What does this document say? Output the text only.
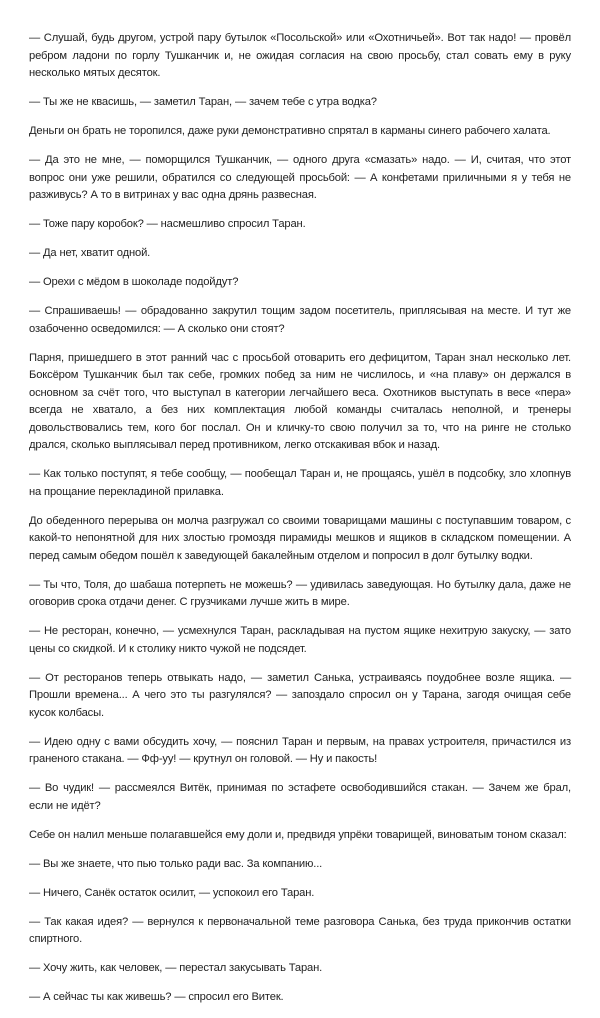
— Слушай, будь другом, устрой пару бутылок «Посольской» или «Охотничьей». Вот так надо! — провёл ребром ладони по горлу Тушканчик и, не ожидая согласия на свою просьбу, стал совать ему в руку несколько мятых десяток.

— Ты же не квасишь, — заметил Таран, — зачем тебе с утра водка?

Деньги он брать не торопился, даже руки демонстративно спрятал в карманы синего рабочего халата.

— Да это не мне, — поморщился Тушканчик, — одного друга «смазать» надо. — И, считая, что этот вопрос они уже решили, обратился со следующей просьбой: — А конфетами приличными я у тебя не разживусь? А то в витринах у вас одна дрянь развесная.

— Тоже пару коробок? — насмешливо спросил Таран.

— Да нет, хватит одной.

— Орехи с мёдом в шоколаде подойдут?

— Спрашиваешь! — обрадованно закрутил тощим задом посетитель, приплясывая на месте. И тут же озабоченно осведомился: — А сколько они стоят?

Парня, пришедшего в этот ранний час с просьбой отоварить его дефицитом, Таран знал несколько лет. Боксёром Тушканчик был так себе, громких побед за ним не числилось, и «на плаву» он держался в основном за счёт того, что выступал в категории легчайшего веса. Охотников выступать в весе «пера» всегда не хватало, а без них комплектация любой команды считалась неполной, и тренеры довольствовались тем, кого бог послал. Он и кличку-то свою получил за то, что на ринге не столько дрался, сколько выплясывал перед противником, легко отскакивая вбок и назад.

— Как только поступят, я тебе сообщу, — пообещал Таран и, не прощаясь, ушёл в подсобку, зло хлопнув на прощание перекладиной прилавка.

До обеденного перерыва он молча разгружал со своими товарищами машины с поступавшим товаром, с какой-то непонятной для них злостью громоздя пирамиды мешков и ящиков в складском помещении. А перед самым обедом пошёл к заведующей бакалейным отделом и попросил в долг бутылку водки.

— Ты что, Толя, до шабаша потерпеть не можешь? — удивилась заведующая. Но бутылку дала, даже не оговорив срока отдачи денег. С грузчиками лучше жить в мире.

— Не ресторан, конечно, — усмехнулся Таран, раскладывая на пустом ящике нехитрую закуску, — зато цены со скидкой. И к столику никто чужой не подсядет.

— От ресторанов теперь отвыкать надо, — заметил Санька, устраиваясь поудобнее возле ящика. — Прошли времена... А чего это ты разгулялся? — запоздало спросил он у Тарана, загодя очищая себе кусок колбасы.

— Идею одну с вами обсудить хочу, — пояснил Таран и первым, на правах устроителя, причастился из граненого стакана. — Фф-уу! — крутнул он головой. — Ну и пакость!

— Во чудик! — рассмеялся Витёк, принимая по эстафете освободившийся стакан. — Зачем же брал, если не идёт?

Себе он налил меньше полагавшейся ему доли и, предвидя упрёки товарищей, виноватым тоном сказал:

— Вы же знаете, что пью только ради вас. За компанию...

— Ничего, Санёк остаток осилит, — успокоил его Таран.

— Так какая идея? — вернулся к первоначальной теме разговора Санька, без труда прикончив остатки спиртного.

— Хочу жить, как человек, — перестал закусывать Таран.

— А сейчас ты как живешь? — спросил его Витек.
